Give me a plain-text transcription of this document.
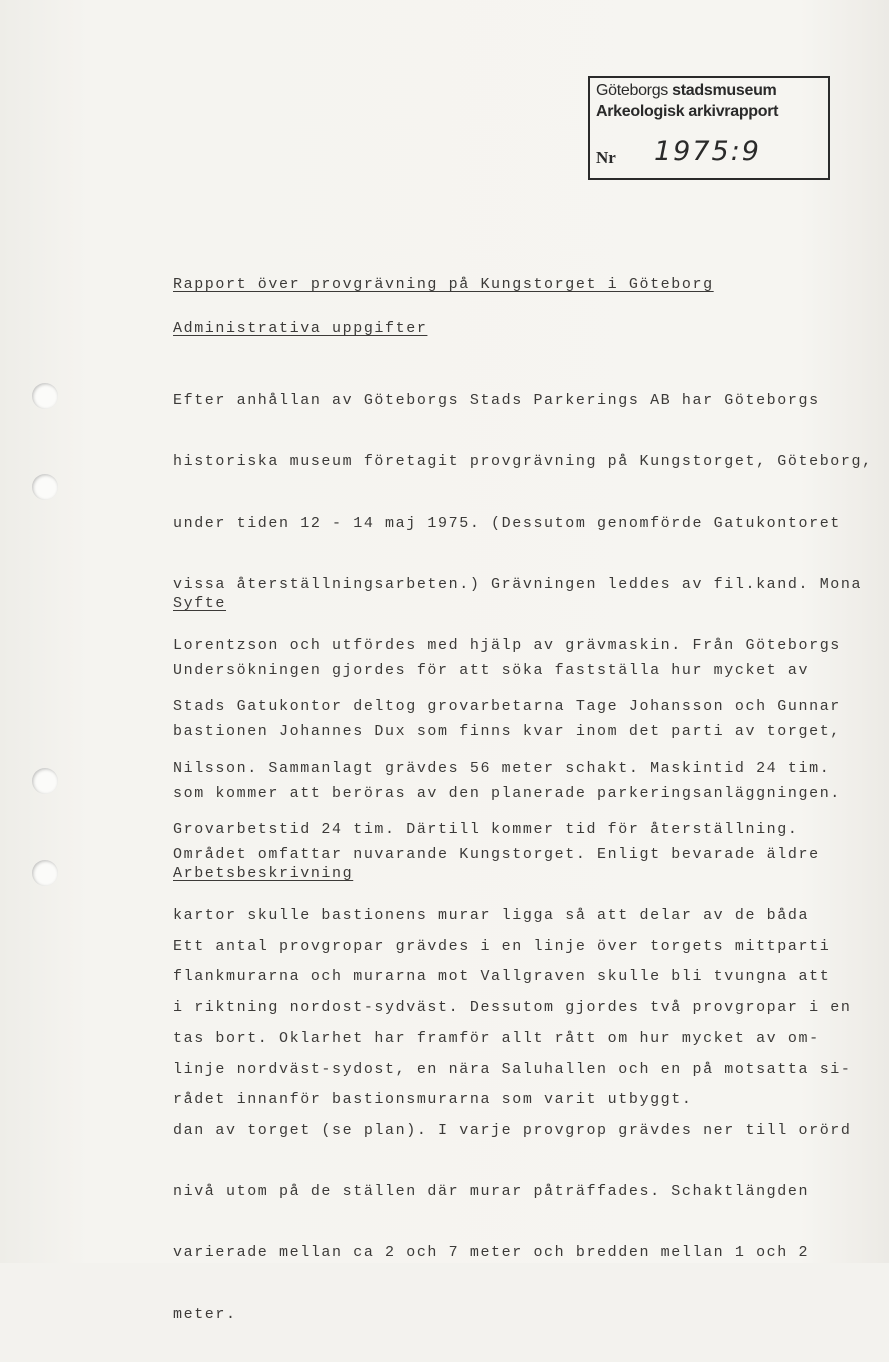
Göteborgs stadsmuseum
Arkeologisk arkivrapport
Nr 1975:9

Rapport över provgrävning på Kungstorget i Göteborg

Administrativa uppgifter

Efter anhållan av Göteborgs Stads Parkerings AB har Göteborgs

historiska museum företagit provgrävning på Kungstorget, Göteborg,

under tiden 12 - 14 maj 1975. (Dessutom genomförde Gatukontoret

vissa återställningsarbeten.) Grävningen leddes av fil.kand. Mona

Lorentzson och utfördes med hjälp av grävmaskin. Från Göteborgs

Stads Gatukontor deltog grovarbetarna Tage Johansson och Gunnar

Nilsson. Sammanlagt grävdes 56 meter schakt. Maskintid 24 tim.

Grovarbetstid 24 tim. Därtill kommer tid för återställning.

Syfte

Undersökningen gjordes för att söka fastställa hur mycket av

bastionen Johannes Dux som finns kvar inom det parti av torget,

som kommer att beröras av den planerade parkeringsanläggningen.

Området omfattar nuvarande Kungstorget. Enligt bevarade äldre

kartor skulle bastionens murar ligga så att delar av de båda

flankmurarna och murarna mot Vallgraven skulle bli tvungna att

tas bort. Oklarhet har framför allt rått om hur mycket av om-

rådet innanför bastionsmurarna som varit utbyggt.

Arbetsbeskrivning

Ett antal provgropar grävdes i en linje över torgets mittparti

i riktning nordost-sydväst. Dessutom gjordes två provgropar i en

linje nordväst-sydost, en nära Saluhallen och en på motsatta si-

dan av torget (se plan). I varje provgrop grävdes ner till orörd

nivå utom på de ställen där murar påträffades. Schaktlängden

varierade mellan ca 2 och 7 meter och bredden mellan 1 och 2

meter.
